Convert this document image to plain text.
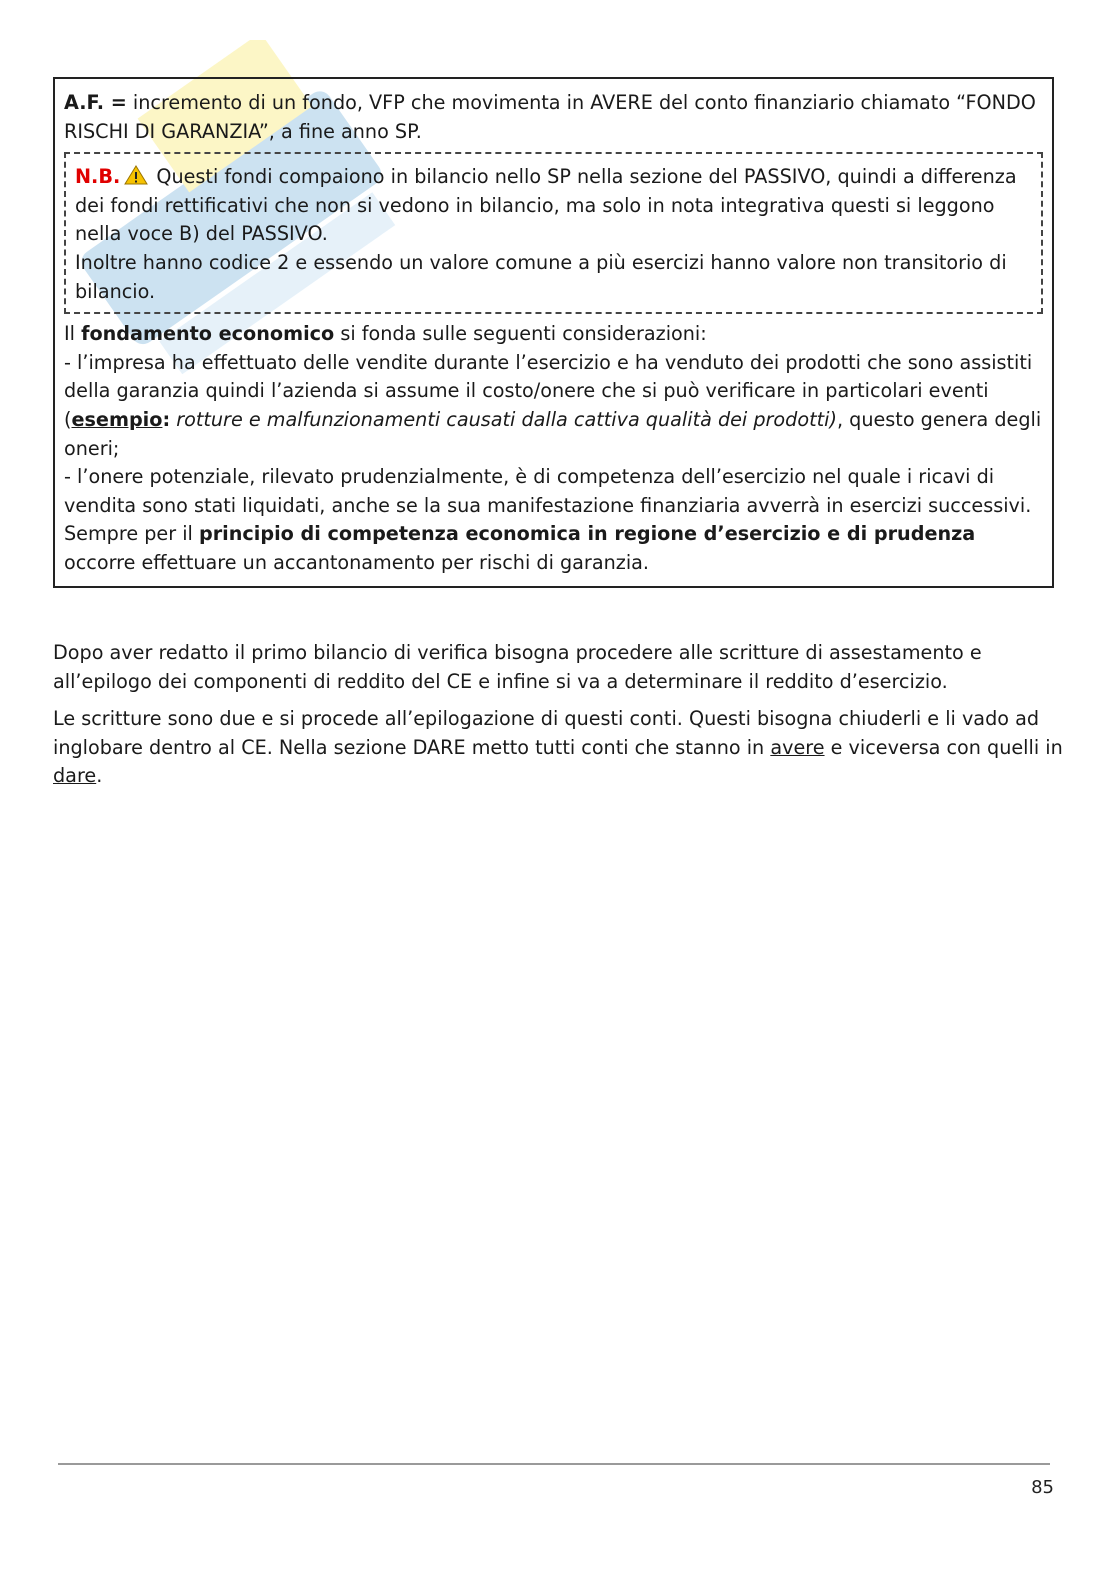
A.F. = incremento di un fondo, VFP che movimenta in AVERE del conto finanziario chiamato “FONDO RISCHI DI GARANZIA”, a fine anno SP.

N.B. Questi fondi compaiono in bilancio nello SP nella sezione del PASSIVO, quindi a differenza dei fondi rettificativi che non si vedono in bilancio, ma solo in nota integrativa questi si leggono nella voce B) del PASSIVO.

Inoltre hanno codice 2 e essendo un valore comune a più esercizi hanno valore non transitorio di bilancio.

Il fondamento economico si fonda sulle seguenti considerazioni:

- l’impresa ha effettuato delle vendite durante l’esercizio e ha venduto dei prodotti che sono assistiti della garanzia quindi l’azienda si assume il costo/onere che si può verificare in particolari eventi (esempio: rotture e malfunzionamenti causati dalla cattiva qualità dei prodotti), questo genera degli oneri;

- l’onere potenziale, rilevato prudenzialmente, è di competenza dell’esercizio nel quale i ricavi di vendita sono stati liquidati, anche se la sua manifestazione finanziaria avverrà in esercizi successivi.

Sempre per il principio di competenza economica in regione d’esercizio e di prudenza occorre effettuare un accantonamento per rischi di garanzia.

Dopo aver redatto il primo bilancio di verifica bisogna procedere alle scritture di assestamento e all’epilogo dei componenti di reddito del CE e infine si va a determinare il reddito d’esercizio.

Le scritture sono due e si procede all’epilogazione di questi conti. Questi bisogna chiuderli e li vado ad inglobare dentro al CE. Nella sezione DARE metto tutti conti che stanno in avere e viceversa con quelli in dare.

85
